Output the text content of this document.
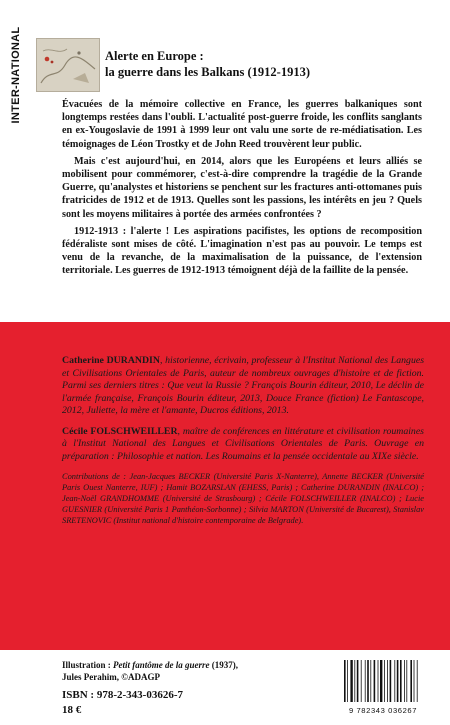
INTER-NATIONAL	Alerte en Europe :
la guerre dans les Balkans (1912-1913)

Évacuées de la mémoire collective en France, les guerres balkaniques sont longtemps restées dans l'oubli. L'actualité post-guerre froide, les conflits sanglants en ex-Yougoslavie de 1991 à 1999 leur ont valu une sorte de re-médiatisation. Les témoignages de Léon Trostky et de John Reed trouvèrent leur public.

Mais c'est aujourd'hui, en 2014, alors que les Européens et leurs alliés se mobilisent pour commémorer, c'est-à-dire comprendre la tragédie de la Grande Guerre, qu'analystes et historiens se penchent sur les fractures anti-ottomanes puis fratricides de 1912 et de 1913. Quelles sont les passions, les intérêts en jeu ? Quels sont les moyens militaires à portée des armées confrontées ?

1912-1913 : l'alerte ! Les aspirations pacifistes, les options de recomposition fédéraliste sont mises de côté. L'imagination n'est pas au pouvoir. Le temps est venu de la revanche, de la maximalisation de la puissance, de l'extension territoriale. Les guerres de 1912-1913 témoignent déjà de la faillite de la pensée.

Catherine DURANDIN, historienne, écrivain, professeur à l'Institut National des Langues et Civilisations Orientales de Paris, auteur de nombreux ouvrages d'histoire et de fiction. Parmi ses derniers titres : Que veut la Russie ? François Bourin éditeur, 2010, Le déclin de l'armée française, François Bourin éditeur, 2013, Douce France (fiction) Le Fantascope, 2012, Juliette, la mère et l'amante, Ducros éditions, 2013.

Cécile FOLSCHWEILLER, maître de conférences en littérature et civilisation roumaines à l'Institut National des Langues et Civilisations Orientales de Paris. Ouvrage en préparation : Philosophie et nation. Les Roumains et la pensée occidentale au XIXe siècle.

Contributions de : Jean-Jacques BECKER (Université Paris X-Nanterre), Annette BECKER (Université Paris Ouest Nanterre, IUF) ; Hamit BOZARSLAN (EHESS, Paris) ; Catherine DURANDIN (INALCO) ; Jean-Noël GRANDHOMME (Université de Strasbourg) ; Cécile FOLSCHWEILLER (INALCO) ; Lucie GUESNIER (Université Paris 1 Panthéon-Sorbonne) ; Silvia MARTON (Université de Bucarest), Stanislav SRETENOVIC (Institut national d'histoire contemporaine de Belgrade).

Illustration : Petit fantôme de la guerre (1937),
Jules Perahim, ©ADAGP
ISBN : 978-2-343-03626-7
18 €	9 782343 036267
